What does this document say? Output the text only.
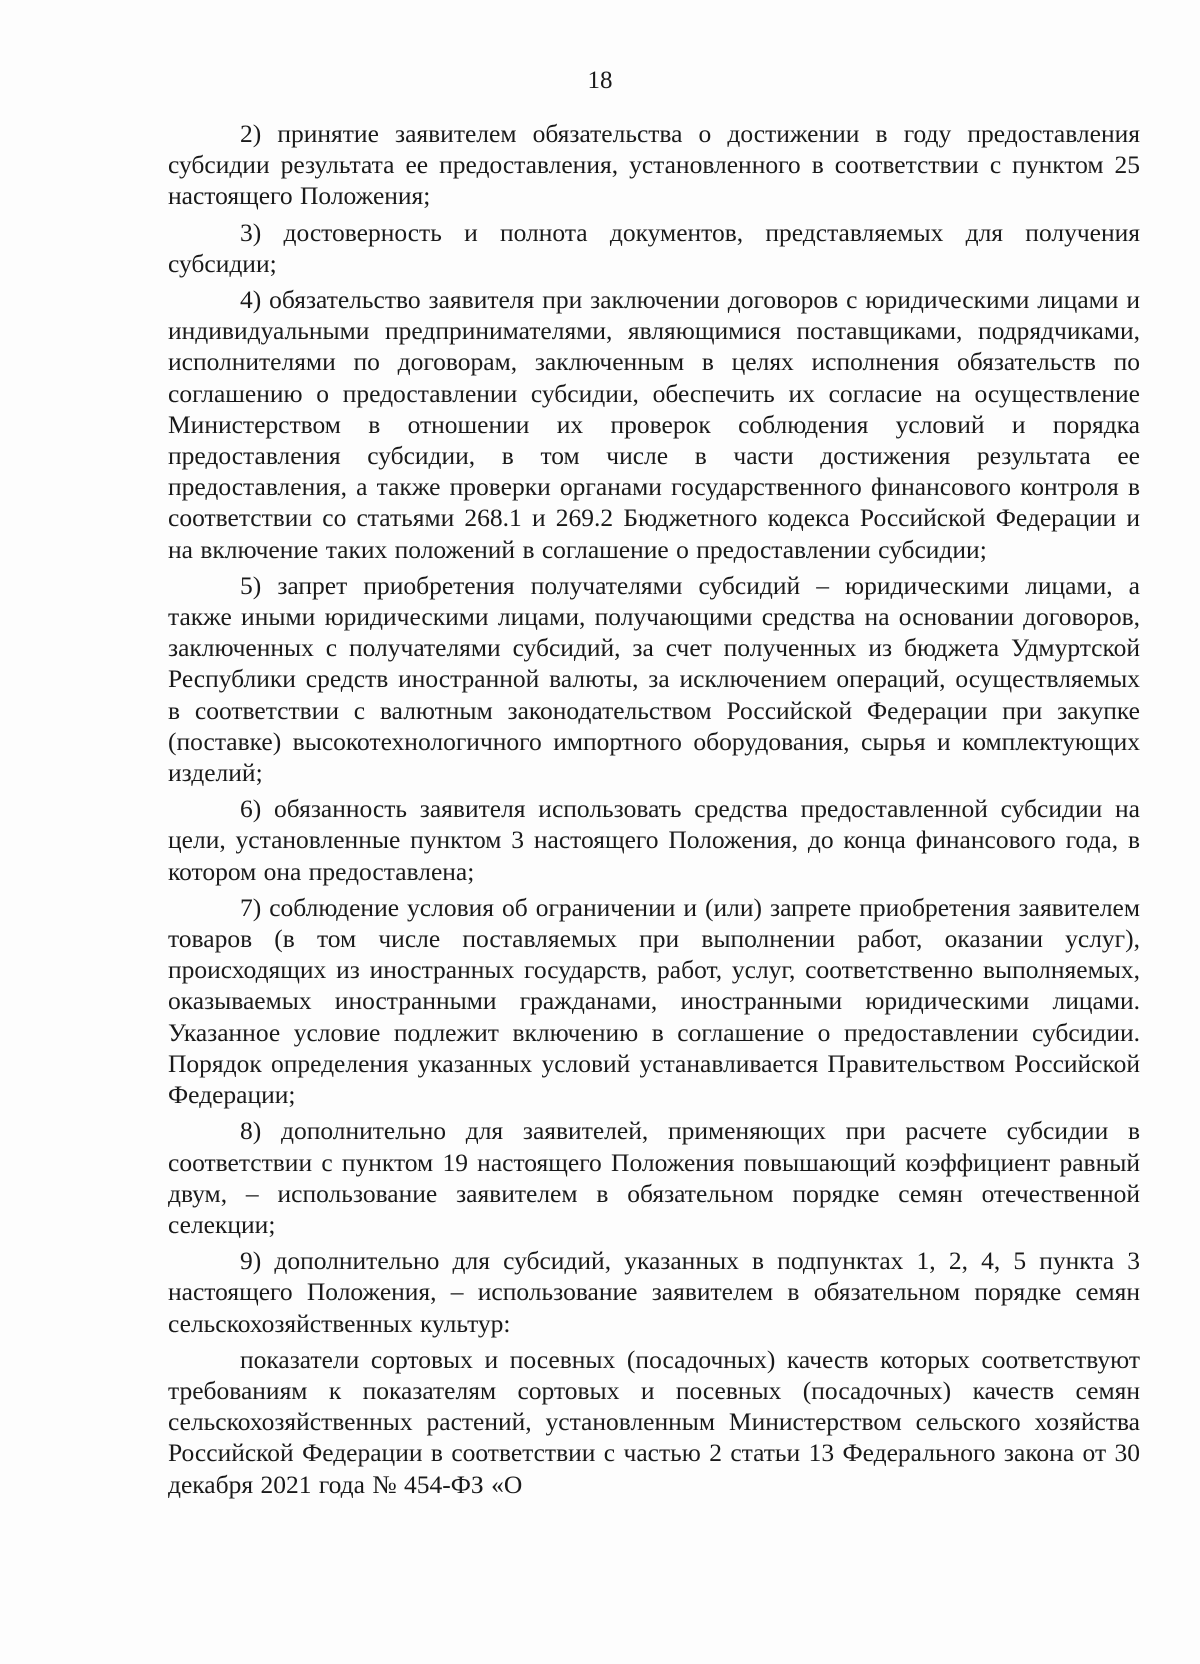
18

2) принятие заявителем обязательства о достижении в году предоставления субсидии результата ее предоставления, установленного в соответствии с пунктом 25 настоящего Положения;

3) достоверность и полнота документов, представляемых для получения субсидии;

4) обязательство заявителя при заключении договоров с юридическими лицами и индивидуальными предпринимателями, являющимися поставщиками, подрядчиками, исполнителями по договорам, заключенным в целях исполнения обязательств по соглашению о предоставлении субсидии, обеспечить их согласие на осуществление Министерством в отношении их проверок соблюдения условий и порядка предоставления субсидии, в том числе в части достижения результата ее предоставления, а также проверки органами государственного финансового контроля в соответствии со статьями 268.1 и 269.2 Бюджетного кодекса Российской Федерации и на включение таких положений в соглашение о предоставлении субсидии;

5) запрет приобретения получателями субсидий – юридическими лицами, а также иными юридическими лицами, получающими средства на основании договоров, заключенных с получателями субсидий, за счет полученных из бюджета Удмуртской Республики средств иностранной валюты, за исключением операций, осуществляемых в соответствии с валютным законодательством Российской Федерации при закупке (поставке) высокотехнологичного импортного оборудования, сырья и комплектующих изделий;

6) обязанность заявителя использовать средства предоставленной субсидии на цели, установленные пунктом 3 настоящего Положения, до конца финансового года, в котором она предоставлена;

7) соблюдение условия об ограничении и (или) запрете приобретения заявителем товаров (в том числе поставляемых при выполнении работ, оказании услуг), происходящих из иностранных государств, работ, услуг, соответственно выполняемых, оказываемых иностранными гражданами, иностранными юридическими лицами. Указанное условие подлежит включению в соглашение о предоставлении субсидии. Порядок определения указанных условий устанавливается Правительством Российской Федерации;

8) дополнительно для заявителей, применяющих при расчете субсидии в соответствии с пунктом 19 настоящего Положения повышающий коэффициент равный двум, – использование заявителем в обязательном порядке семян отечественной селекции;

9) дополнительно для субсидий, указанных в подпунктах 1, 2, 4, 5 пункта 3 настоящего Положения, – использование заявителем в обязательном порядке семян сельскохозяйственных культур:

показатели сортовых и посевных (посадочных) качеств которых соответствуют требованиям к показателям сортовых и посевных (посадочных) качеств семян сельскохозяйственных растений, установленным Министерством сельского хозяйства Российской Федерации в соответствии с частью 2 статьи 13 Федерального закона от 30 декабря 2021 года № 454-ФЗ «О
